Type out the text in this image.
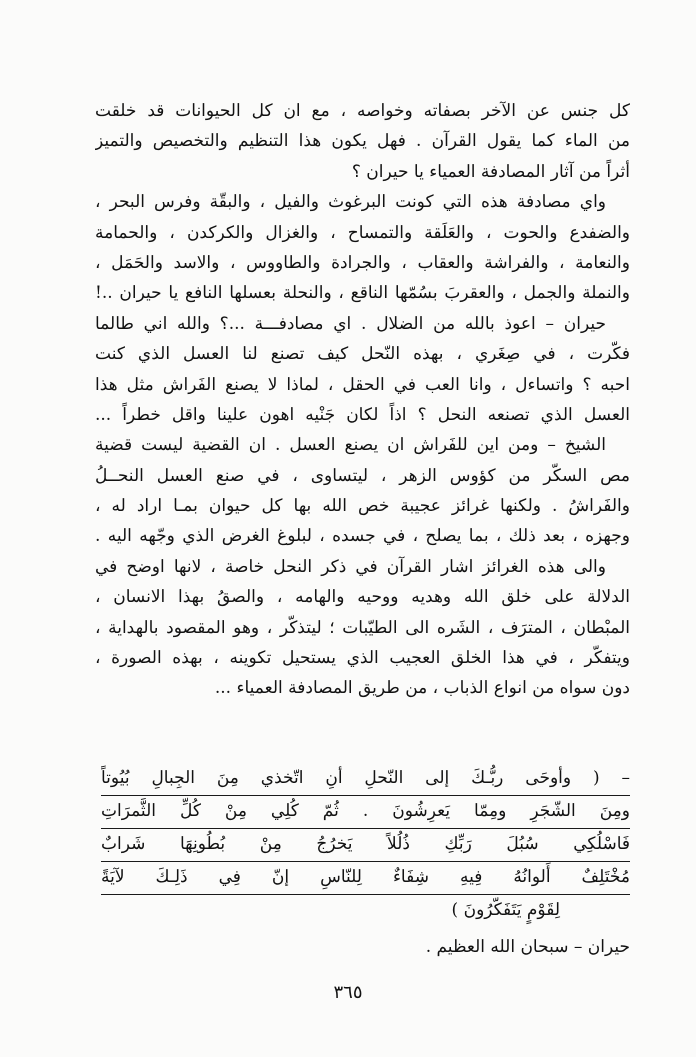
كل جنس عن الآخر بصفاته وخواصه ، مع ان كل الحيوانات قد خلقت
من الماء كما يقول القرآن . فهل يكون هذا التنظيم والتخصيص والتميز
أثراً من آثار المصادفة العمياء يا حيران ؟
واي مصادفة هذه التي كونت البرغوث والفيل ، والبقّة وفرس البحر ،
والضفدع والحوت ، والعَلَقة والتمساح ، والغزال والكركدن ، والحمامة
والنعامة ، والفراشة والعقاب ، والجرادة والطاووس ، والاسد والحَمَل ،
والنملة والجمل ، والعقربَ بسُمّها الناقع ، والنحلة بعسلها النافع يا حيران ..!
حيران – اعوذ بالله من الضلال . اي مصادفـــة ...؟ والله اني طالما
فكّرت ، في صِغَري ، بهذه النّحل كيف تصنع لنا العسل الذي كنت
احبه ؟ واتساءل ، وانا العب في الحقل ، لماذا لا يصنع الفَراش مثل هذا
العسل الذي تصنعه النحل ؟ اذاً لكان جَنْيه اهون علينا واقل خطراً ...
الشيخ – ومن اين للفَراش ان يصنع العسل . ان القضية ليست قضية
مص السكّر من كؤوس الزهر ، ليتساوى ، في صنع العسل النحــلُ
والفَراشُ . ولكنها غرائز عجيبة خص الله بها كل حيوان بمـا اراد له ،
وجهزه ، بعد ذلك ، بما يصلح ، في جسده ، لبلوغ الغرض الذي وجّهه اليه .
والى هذه الغرائز اشار القرآن في ذكر النحل خاصة ، لانها اوضح في
الدلالة على خلق الله وهديه ووحيه والهامه ، والصقُ بهذا الانسان ،
المبْطان ، المترَف ، الشَره الى الطيّبات ؛ ليتذكّر ، وهو المقصود بالهداية ،
ويتفكّر ، في هذا الخلق العجيب الذي يستحيل تكوينه ، بهذه الصورة ،
دون سواه من انواع الذباب ، من طريق المصادفة العمياء ...
– ( وأوحَى ربُّـكَ إلى النّحلِ أنِ اتّخذي مِنَ الجِبالِ بُيُوتاً
ومِنَ الشّجَرِ ومِمّا يَعرِشُونَ . ثُمّ كُلِي مِنْ كُلِّ الثَّمرَاتِ
فَاسْلُكِي سُبُلَ رَبِّكِ ذُلُلاً يَخرُجُ مِنْ بُطُونِهَا شَرابٌ
مُخْتَلِفٌ أَلوانُهُ فِيهِ شِفَاءٌ لِلنّاسِ إنّ فِي ذَلِـكَ لآيَةً
لِقَوْمٍ يَتَفَكّرُونَ )
حيران – سبحان الله العظيم .
٣٦٥
